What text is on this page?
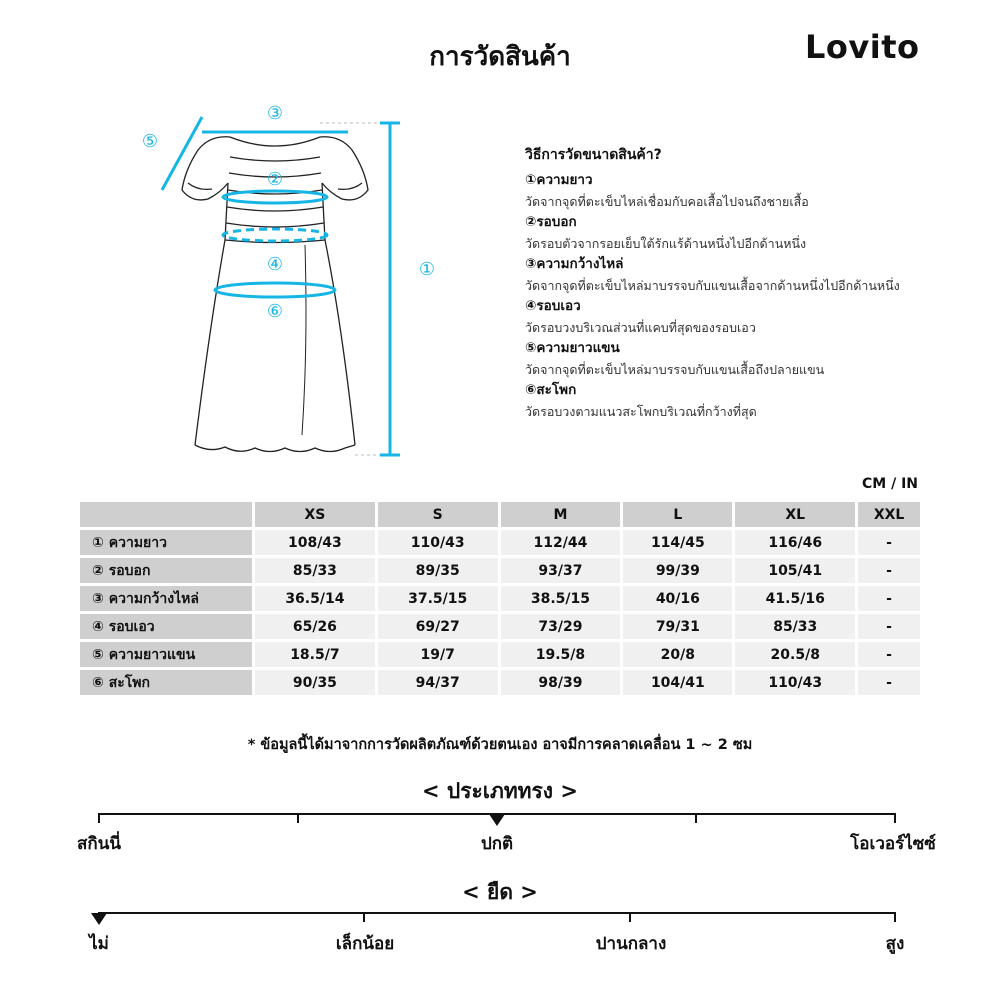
การวัดสินค้า	Lovito
①
②
③
④
⑤
⑥
วิธีการวัดขนาดสินค้า?
①ความยาว
วัดจากจุดที่ตะเข็บไหล่เชื่อมกับคอเสื้อไปจนถึงชายเสื้อ
②รอบอก
วัดรอบตัวจากรอยเย็บใต้รักแร้ด้านหนึ่งไปอีกด้านหนึ่ง
③ความกว้างไหล่
วัดจากจุดที่ตะเข็บไหล่มาบรรจบกับแขนเสื้อจากด้านหนึ่งไปอีกด้านหนึ่ง
④รอบเอว
วัดรอบวงบริเวณส่วนที่แคบที่สุดของรอบเอว
⑤ความยาวแขน
วัดจากจุดที่ตะเข็บไหล่มาบรรจบกับแขนเสื้อถึงปลายแขน
⑥สะโพก
วัดรอบวงตามแนวสะโพกบริเวณที่กว้างที่สุด
CM / IN
	XS	S	M	L	XL	XXL
① ความยาว	108/43	110/43	112/44	114/45	116/46	-
② รอบอก	85/33	89/35	93/37	99/39	105/41	-
③ ความกว้างไหล่	36.5/14	37.5/15	38.5/15	40/16	41.5/16	-
④ รอบเอว	65/26	69/27	73/29	79/31	85/33	-
⑤ ความยาวแขน	18.5/7	19/7	19.5/8	20/8	20.5/8	-
⑥ สะโพก	90/35	94/37	98/39	104/41	110/43	-
* ข้อมูลนี้ได้มาจากการวัดผลิตภัณฑ์ด้วยตนเอง อาจมีการคลาดเคลื่อน 1 ~ 2 ซม
< ประเภททรง >
สกินนี่	ปกติ	โอเวอร์ไซซ์
< ยืด >
ไม่	เล็กน้อย	ปานกลาง	สูง
